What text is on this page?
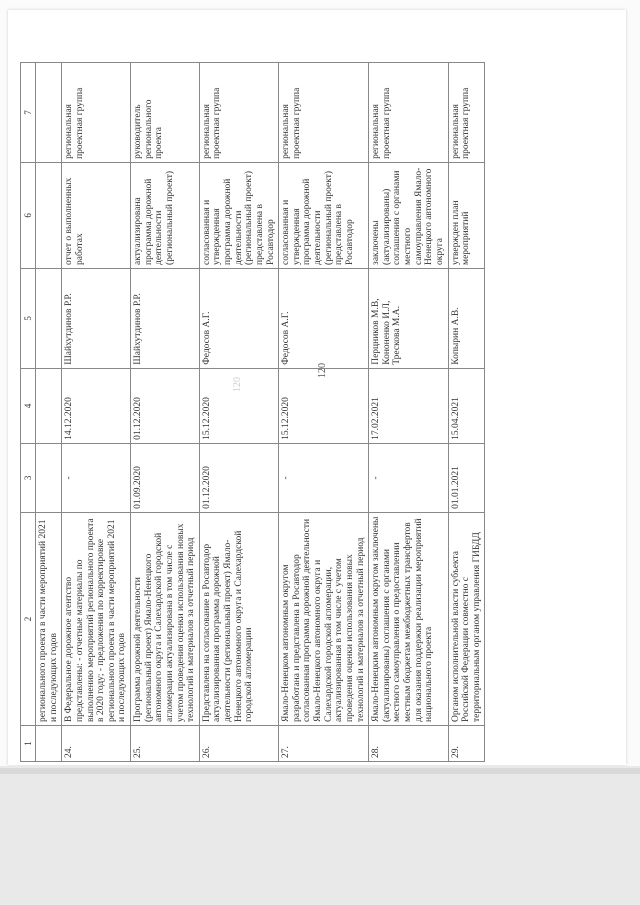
120
120
1	2	3	4	5	6	7
	регионального проекта в части мероприятий 2021 и последующих годов					
24.	В Федеральное дорожное агентство представлены: - отчетные материалы по выполнению мероприятий регионального проекта в 2020 году; - предложения по корректировке регионального проекта в части мероприятий 2021 и последующих годов	-	14.12.2020	Шайхутдинов Р.Р.	отчет о выполненных работах	региональная проектная группа
25.	Программа дорожной деятельности (региональный проект) Ямало-Ненецкого автономного округа и Салехардской городской агломерации актуализирована в том числе с учетом проведения оценки использования новых технологий и материалов за отчетный период	01.09.2020	01.12.2020	Шайхутдинов Р.Р.	актуализирована программа дорожной деятельности (региональный проект)	руководитель регионального проекта
26.	Представлена на согласование в Росавтодор актуализированная программа дорожной деятельности (региональный проект) Ямало-Ненецкого автономного округа и Салехардской городской агломерации	01.12.2020	15.12.2020	Федосов А.Г.	согласованная и утвержденная программа дорожной деятельности (региональный проект) представлена в Росавтодор	региональная проектная группа
27.	Ямало-Ненецком автономным округом разработана и представлена в Росавтодор согласованная программа дорожной деятельности Ямало-Ненецкого автономного округа и Салехардской городской агломерации, актуализированная в том числе с учетом проведения оценки использования новых технологий и материалов за отчетный период	-	15.12.2020	Федосов А.Г.	согласованная и утвержденная программа дорожной деятельности (региональный проект) представлена в Росавтодор	региональная проектная группа
28.	Ямало-Ненецким автономным округом заключены (актуализированы) соглашения с органами местного самоуправления о предоставлении местным бюджетам межбюджетных трансфертов для оказания поддержки реализации мероприятий национального проекта	-	17.02.2021	Перцников М.В, Кононенко И.Л, Трескова М.А.	заключены (актуализированы) соглашения с органами местного самоуправления Ямало-Ненецкого автономного округа	региональная проектная группа
29.	Органом исполнительной власти субъекта Российской Федерации совместно с территориальным органом управления ГИБДД	01.01.2021	15.04.2021	Копырин А.В.	утвержден план мероприятий	региональная проектная группа
